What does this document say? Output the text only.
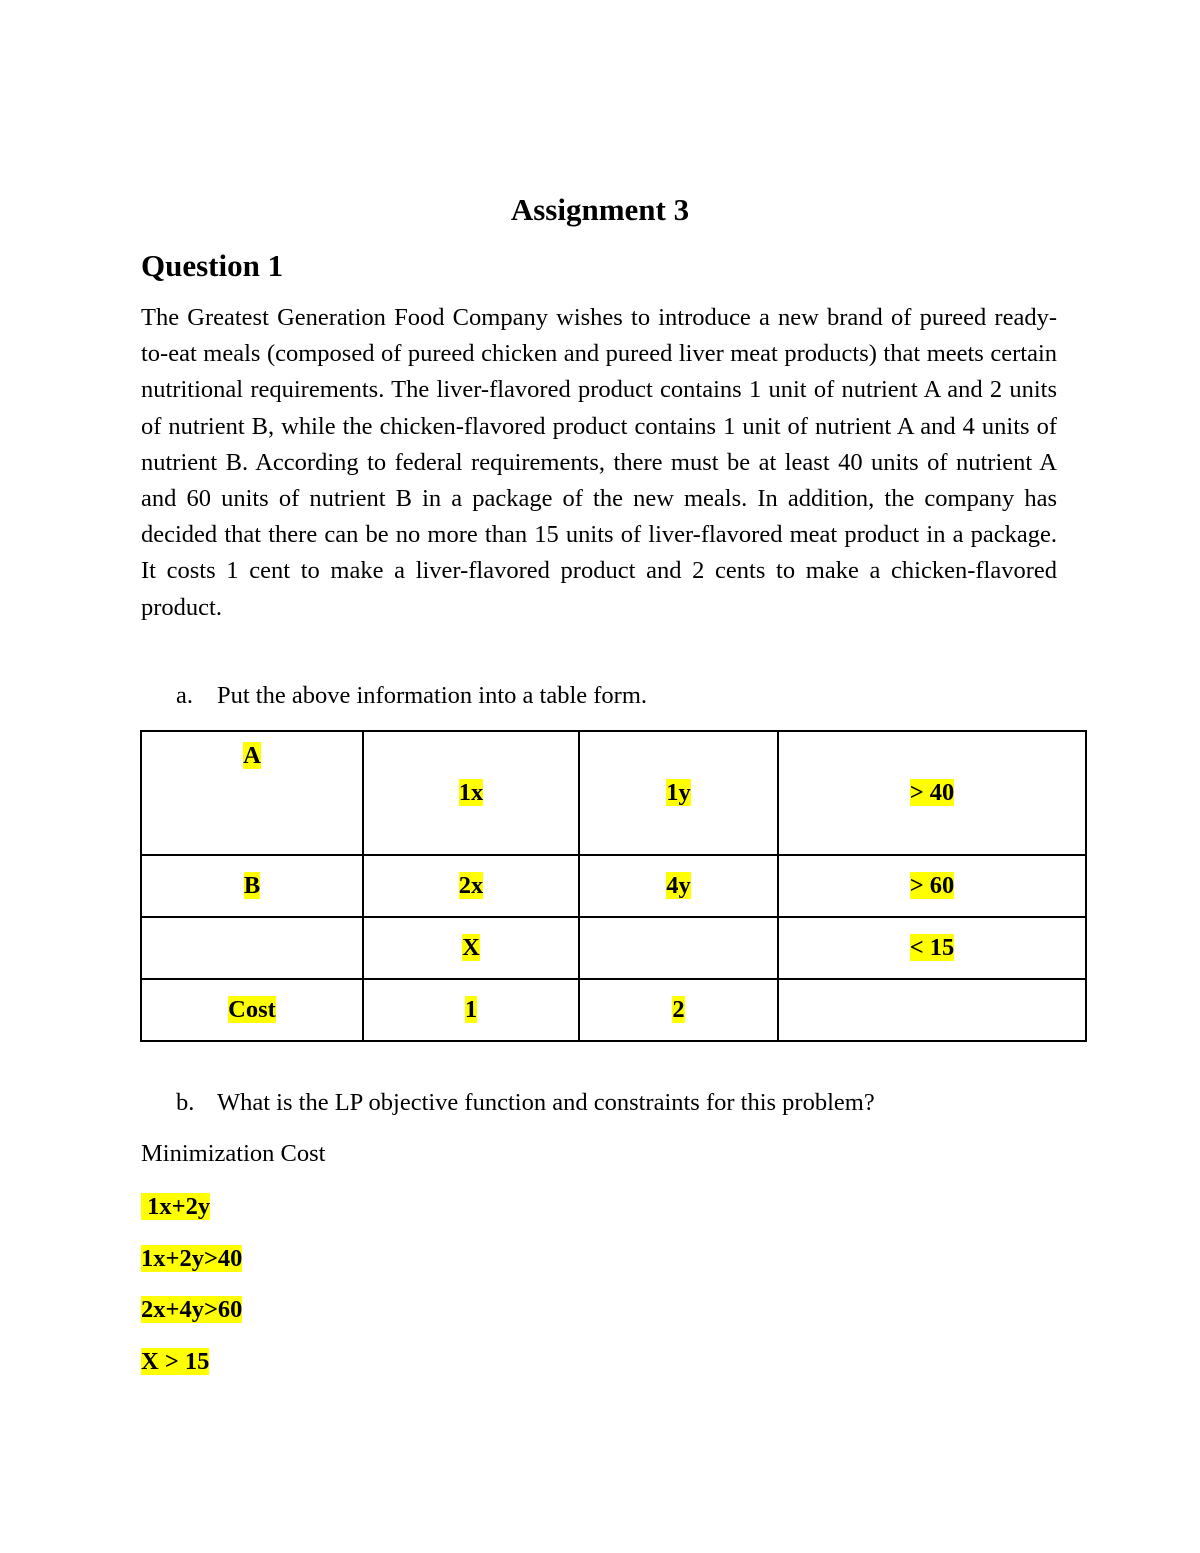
Assignment 3
Question 1

The Greatest Generation Food Company wishes to introduce a new brand of pureed ready-to-eat meals (composed of pureed chicken and pureed liver meat products) that meets certain nutritional requirements. The liver-flavored product contains 1 unit of nutrient A and 2 units of nutrient B, while the chicken-flavored product contains 1 unit of nutrient A and 4 units of nutrient B. According to federal requirements, there must be at least 40 units of nutrient A and 60 units of nutrient B in a package of the new meals. In addition, the company has decided that there can be no more than 15 units of liver-flavored meat product in a package. It costs 1 cent to make a liver-flavored product and 2 cents to make a chicken-flavored product.

a. Put the above information into a table form.
A	1x	1y	> 40
B	2x	4y	> 60
	X		< 15
Cost	1	2	
b. What is the LP objective function and constraints for this problem?
Minimization Cost
1x+2y
1x+2y>40
2x+4y>60
X > 15
